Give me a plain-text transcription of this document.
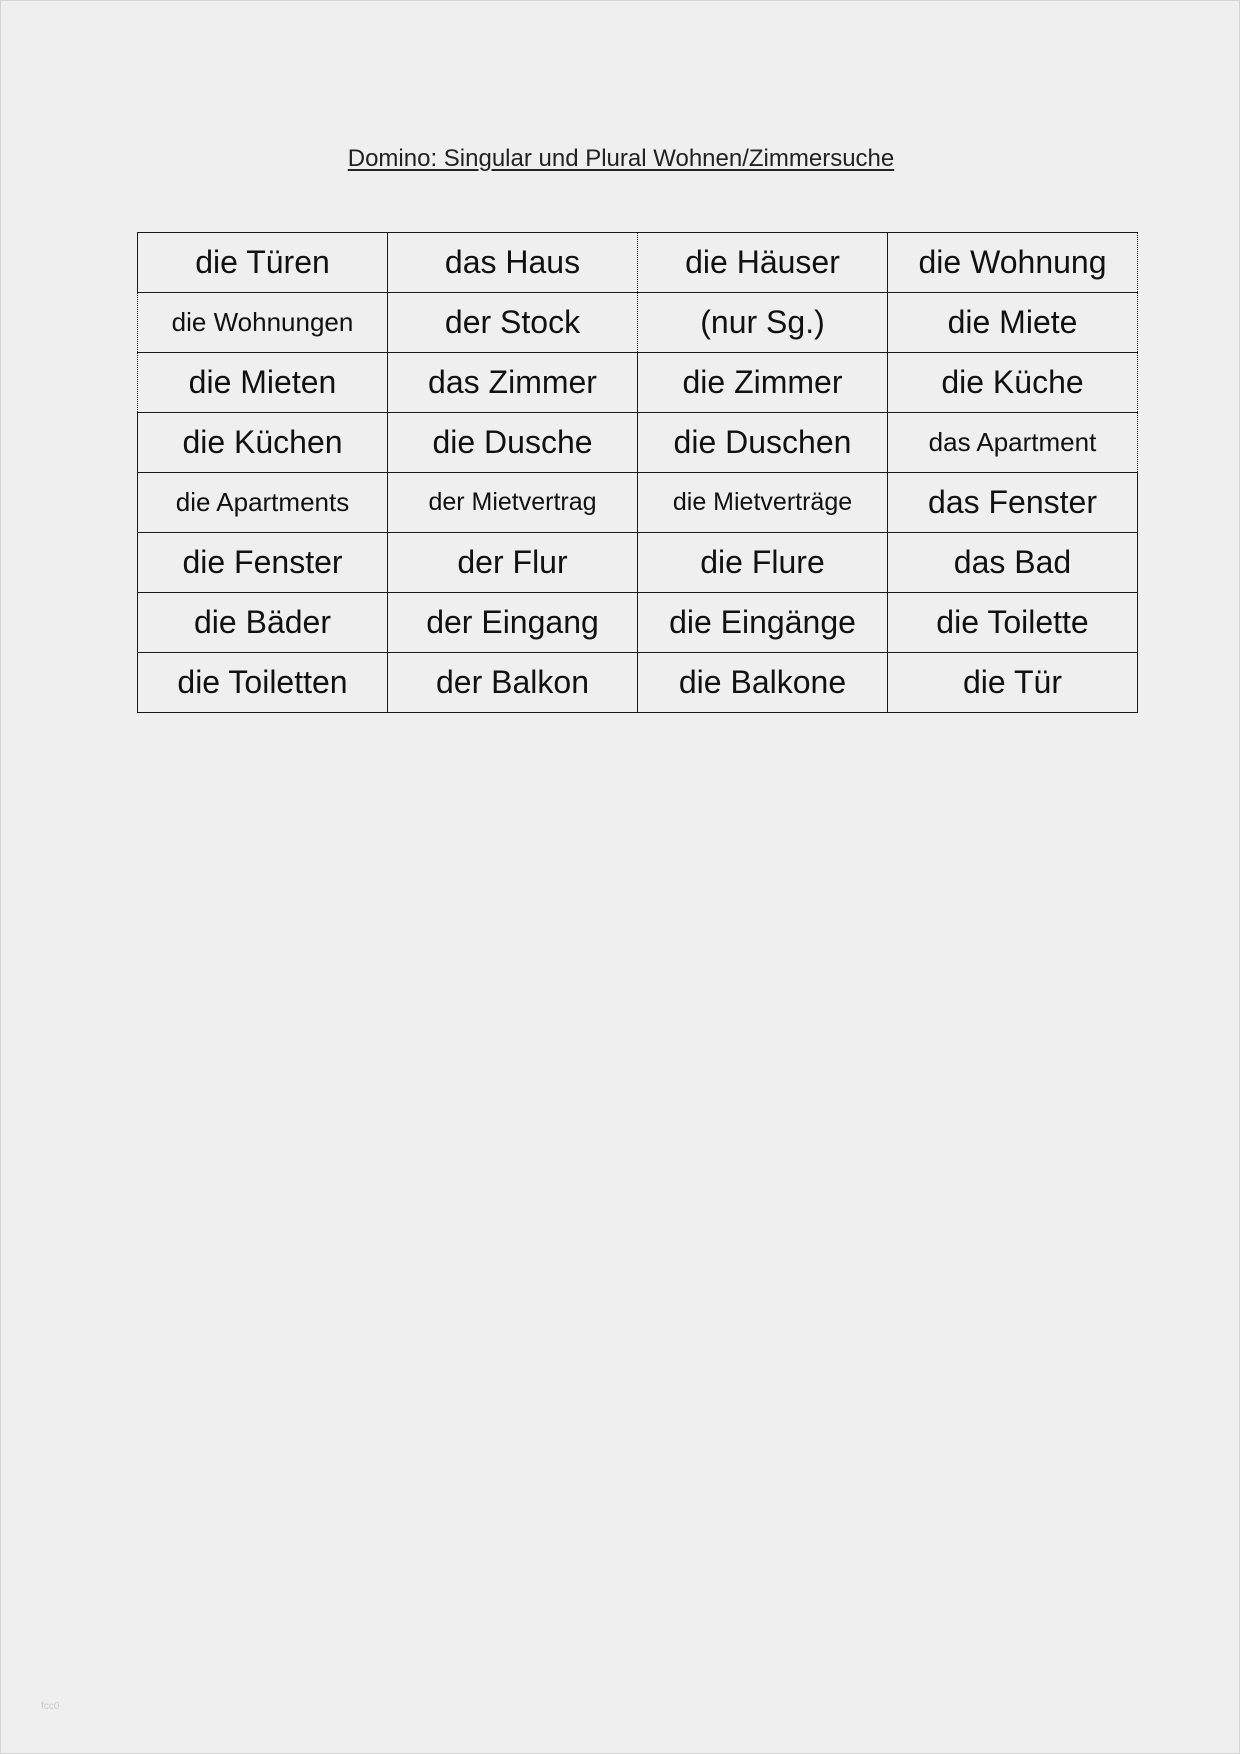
Domino: Singular und Plural Wohnen/Zimmersuche
die Türen	das Haus	die Häuser	die Wohnung
die Wohnungen	der Stock	(nur Sg.)	die Miete
die Mieten	das Zimmer	die Zimmer	die Küche
die Küchen	die Dusche	die Duschen	das Apartment
die Apartments	der Mietvertrag	die Mietverträge	das Fenster
die Fenster	der Flur	die Flure	das Bad
die Bäder	der Eingang	die Eingänge	die Toilette
die Toiletten	der Balkon	die Balkone	die Tür
fcc0
